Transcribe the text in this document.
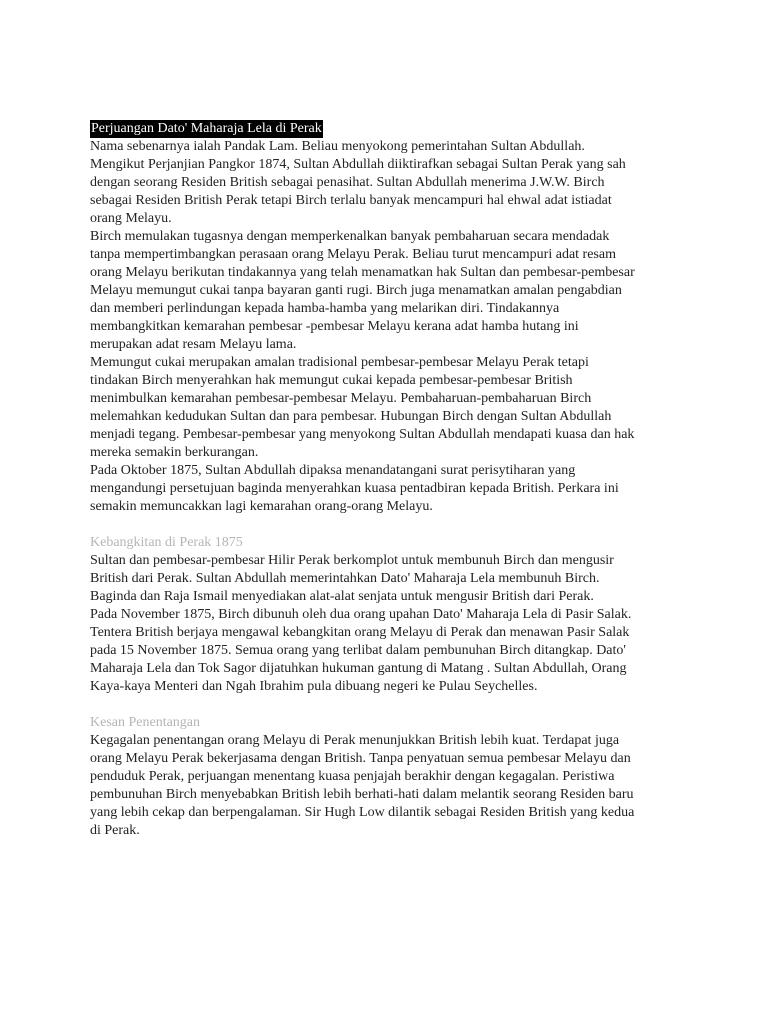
Perjuangan Dato' Maharaja Lela di Perak

Nama sebenarnya ialah Pandak Lam. Beliau menyokong pemerintahan Sultan Abdullah.
Mengikut Perjanjian Pangkor 1874, Sultan Abdullah diiktirafkan sebagai Sultan Perak yang sah
dengan seorang Residen British sebagai penasihat. Sultan Abdullah menerima J.W.W. Birch
sebagai Residen British Perak tetapi Birch terlalu banyak mencampuri hal ehwal adat istiadat
orang Melayu.

Birch memulakan tugasnya dengan memperkenalkan banyak pembaharuan secara mendadak
tanpa mempertimbangkan perasaan orang Melayu Perak. Beliau turut mencampuri adat resam
orang Melayu berikutan tindakannya yang telah menamatkan hak Sultan dan pembesar-pembesar
Melayu memungut cukai tanpa bayaran ganti rugi. Birch juga menamatkan amalan pengabdian
dan memberi perlindungan kepada hamba-hamba yang melarikan diri. Tindakannya
membangkitkan kemarahan pembesar -pembesar Melayu kerana adat hamba hutang ini
merupakan adat resam Melayu lama.

Memungut cukai merupakan amalan tradisional pembesar-pembesar Melayu Perak tetapi
tindakan Birch menyerahkan hak memungut cukai kepada pembesar-pembesar British
menimbulkan kemarahan pembesar-pembesar Melayu. Pembaharuan-pembaharuan Birch
melemahkan kedudukan Sultan dan para pembesar. Hubungan Birch dengan Sultan Abdullah
menjadi tegang. Pembesar-pembesar yang menyokong Sultan Abdullah mendapati kuasa dan hak
mereka semakin berkurangan.

Pada Oktober 1875, Sultan Abdullah dipaksa menandatangani surat perisytiharan yang
mengandungi persetujuan baginda menyerahkan kuasa pentadbiran kepada British. Perkara ini
semakin memuncakkan lagi kemarahan orang-orang Melayu.

Kebangkitan di Perak 1875

Sultan dan pembesar-pembesar Hilir Perak berkomplot untuk membunuh Birch dan mengusir
British dari Perak. Sultan Abdullah memerintahkan Dato' Maharaja Lela membunuh Birch.
Baginda dan Raja Ismail menyediakan alat-alat senjata untuk mengusir British dari Perak.

Pada November 1875, Birch dibunuh oleh dua orang upahan Dato' Maharaja Lela di Pasir Salak.
Tentera British berjaya mengawal kebangkitan orang Melayu di Perak dan menawan Pasir Salak
pada 15 November 1875. Semua orang yang terlibat dalam pembunuhan Birch ditangkap. Dato'
Maharaja Lela dan Tok Sagor dijatuhkan hukuman gantung di Matang . Sultan Abdullah, Orang
Kaya-kaya Menteri dan Ngah Ibrahim pula dibuang negeri ke Pulau Seychelles.

Kesan Penentangan

Kegagalan penentangan orang Melayu di Perak menunjukkan British lebih kuat. Terdapat juga
orang Melayu Perak bekerjasama dengan British. Tanpa penyatuan semua pembesar Melayu dan
penduduk Perak, perjuangan menentang kuasa penjajah berakhir dengan kegagalan. Peristiwa
pembunuhan Birch menyebabkan British lebih berhati-hati dalam melantik seorang Residen baru
yang lebih cekap dan berpengalaman. Sir Hugh Low dilantik sebagai Residen British yang kedua
di Perak.
